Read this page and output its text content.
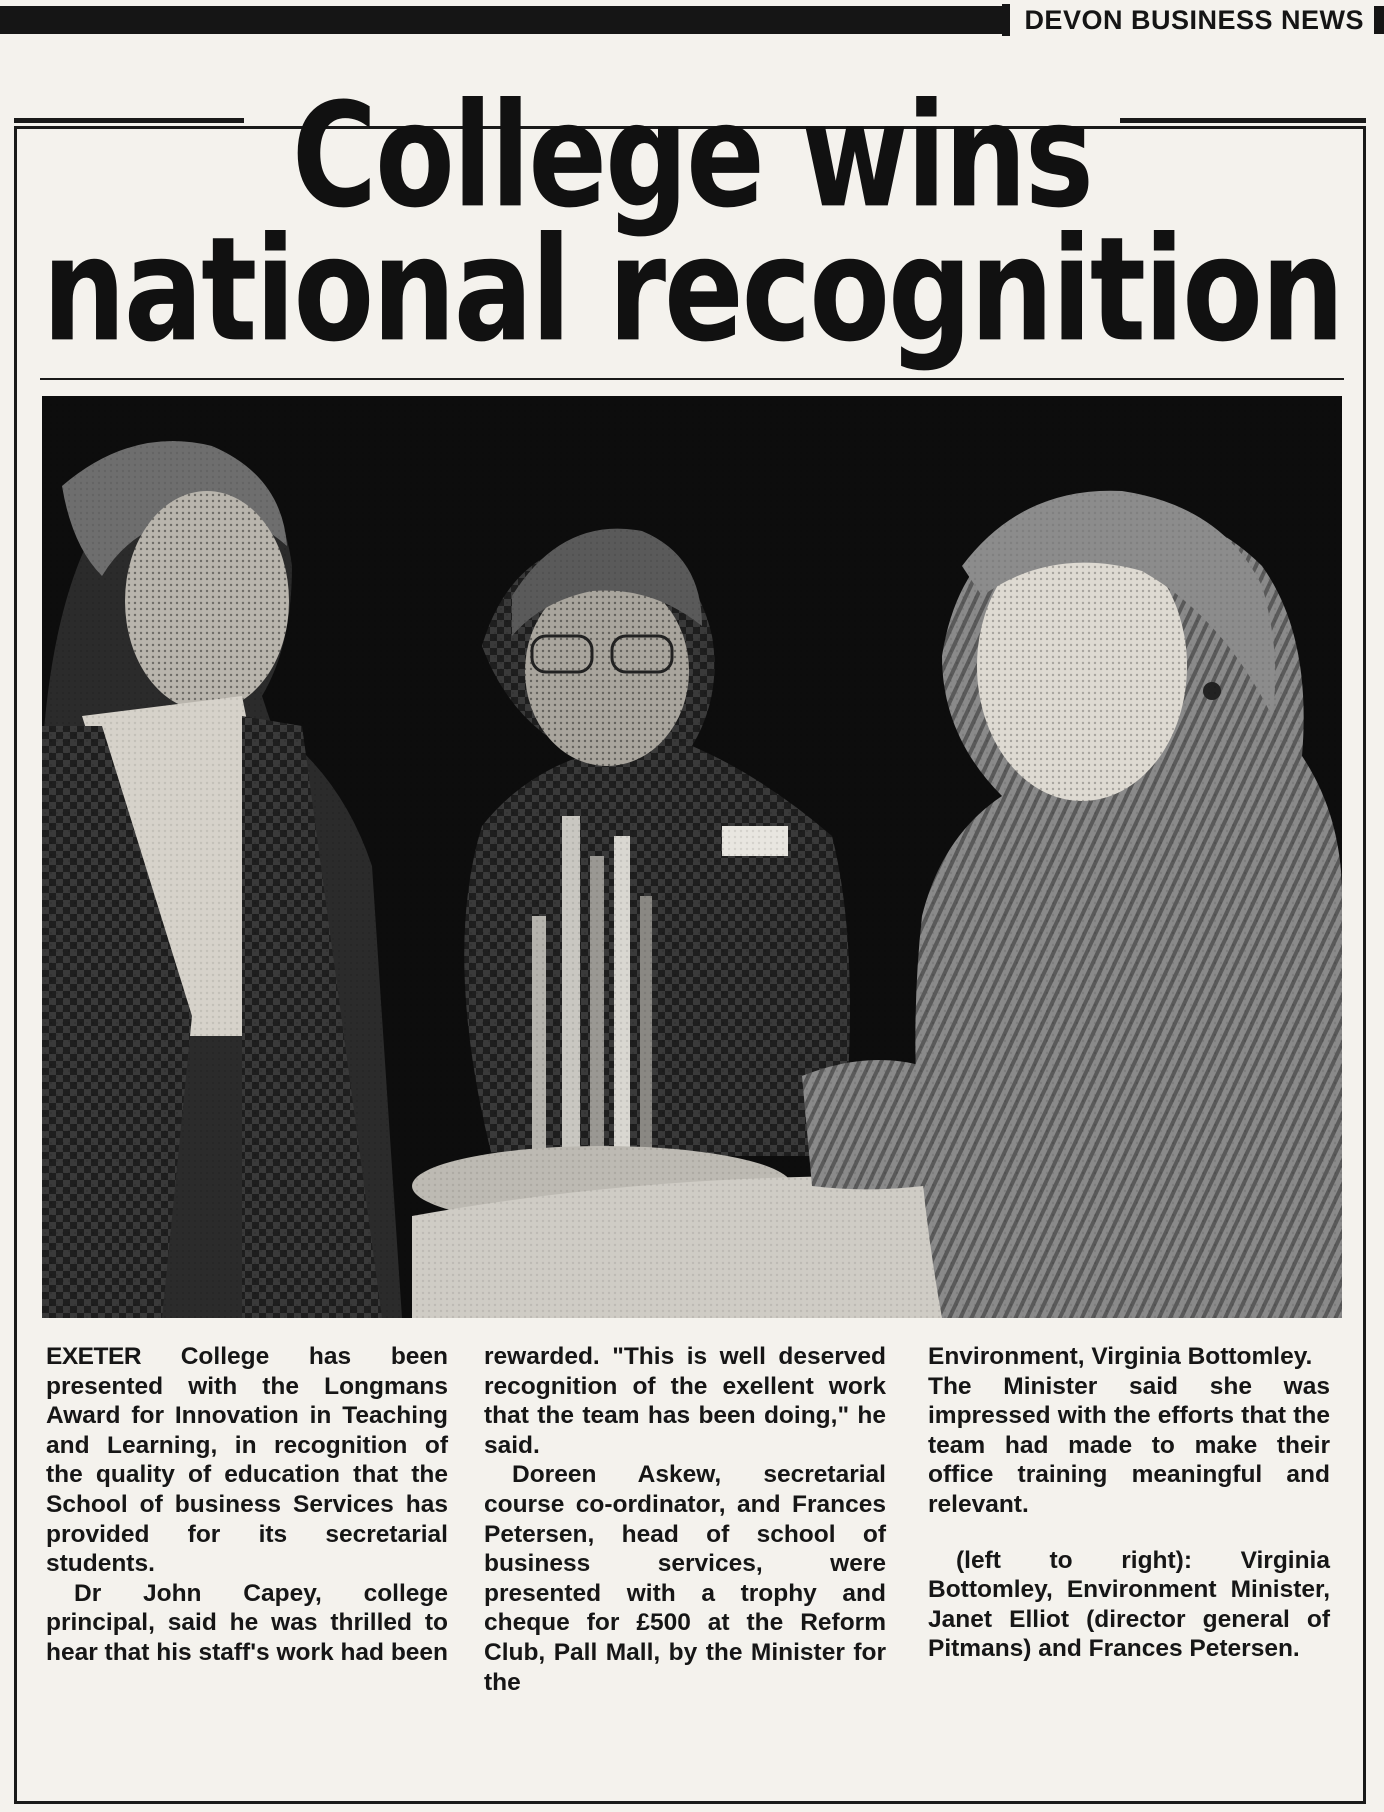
DEVON BUSINESS NEWS
College wins
national recognition

EXETER College has been presented with the Longmans Award for Innovation in Teaching and Learning, in recognition of the quality of education that the School of business Services has provided for its secretarial students.

Dr John Capey, college principal, said he was thrilled to hear that his staff's work had been

rewarded. "This is well deserved recognition of the exellent work that the team has been doing," he said.

Doreen Askew, secretarial course co-ordinator, and Frances Petersen, head of school of business services, were presented with a trophy and cheque for £500 at the Reform Club, Pall Mall, by the Minister for the

Environment, Virginia Bottomley.

The Minister said she was impressed with the efforts that the team had made to make their office training meaningful and relevant.

(left to right): Virginia Bottomley, Environment Minister, Janet Elliot (director general of Pitmans) and Frances Petersen.
